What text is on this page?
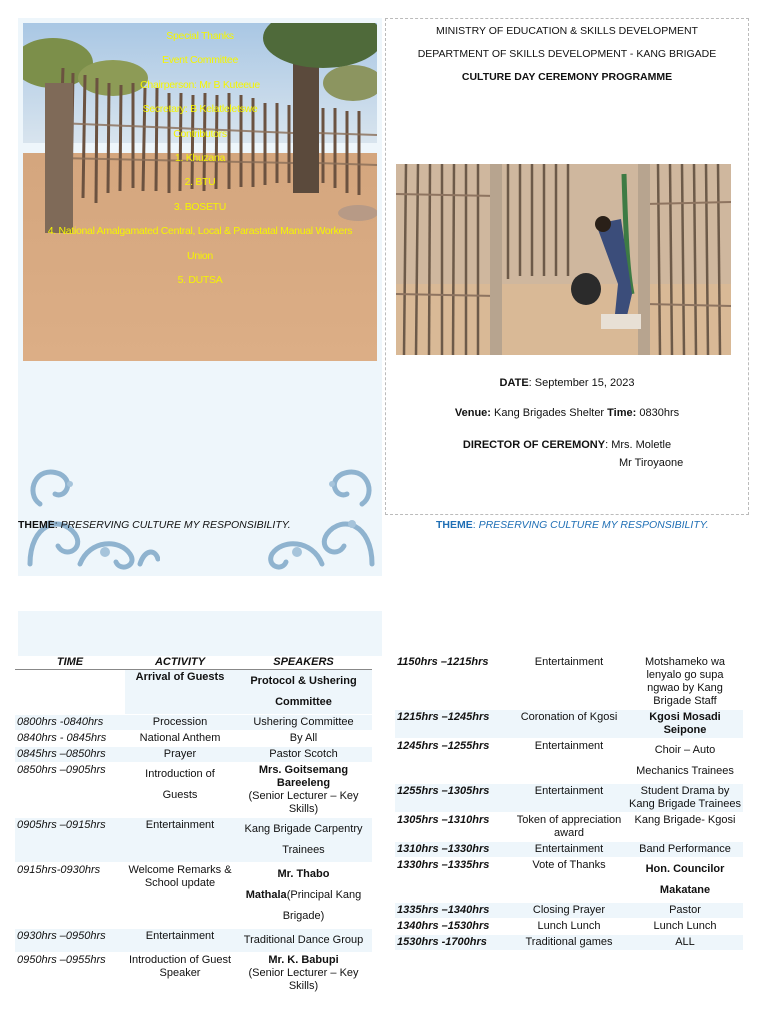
Special Thanks
Event Committee
Chairperson: Mr B Kuteeue
Secretary: B Kelatleletswe
Contributors
1. Khuzana
2. BTU
3. BOSETU
4. National Amalgamated Central, Local & Parastatal Manual Workers
Union
5. DUTSA
THEME: PRESERVING CULTURE MY RESPONSIBILITY.
MINISTRY OF EDUCATION & SKILLS DEVELOPMENT
DEPARTMENT OF SKILLS DEVELOPMENT - KANG BRIGADE
CULTURE DAY CEREMONY PROGRAMME
DATE: September 15, 2023
Venue: Kang Brigades Shelter Time: 0830hrs
DIRECTOR OF CEREMONY: Mrs. Moletle
Mr Tiroyaone
THEME: PRESERVING CULTURE MY RESPONSIBILITY.
TIME	ACTIVITY	SPEAKERS
	Arrival of Guests	Protocol & Ushering Committee
0800hrs -0840hrs	Procession	Ushering Committee
0840hrs - 0845hrs	National Anthem	By All
0845hrs –0850hrs	Prayer	Pastor Scotch
0850hrs –0905hrs	Introduction of Guests	Mrs. Goitsemang Bareeleng
(Senior Lecturer – Key Skills)

0905hrs –0915hrs	Entertainment	Kang Brigade Carpentry Trainees
0915hrs-0930hrs	Welcome Remarks & School update	Mr. Thabo Mathala(Principal Kang Brigade)
0930hrs –0950hrs	Entertainment	Traditional Dance Group
0950hrs –0955hrs	Introduction of Guest Speaker	Mr. K. Babupi
(Senior Lecturer – Key Skills)
1150hrs –1215hrs	Entertainment	Motshameko wa lenyalo go supa ngwao by Kang Brigade Staff
1215hrs –1245hrs	Coronation of Kgosi	Kgosi Mosadi Seipone
1245hrs –1255hrs	Entertainment	Choir – Auto Mechanics Trainees
1255hrs –1305hrs	Entertainment	Student Drama by Kang Brigade Trainees
1305hrs –1310hrs	Token of appreciation award	Kang Brigade- Kgosi
1310hrs –1330hrs	Entertainment	Band Performance
1330hrs –1335hrs	Vote of Thanks	Hon. Councilor Makatane
1335hrs –1340hrs	Closing Prayer	Pastor
1340hrs –1530hrs	Lunch Lunch	Lunch Lunch
1530hrs -1700hrs	Traditional games	ALL
